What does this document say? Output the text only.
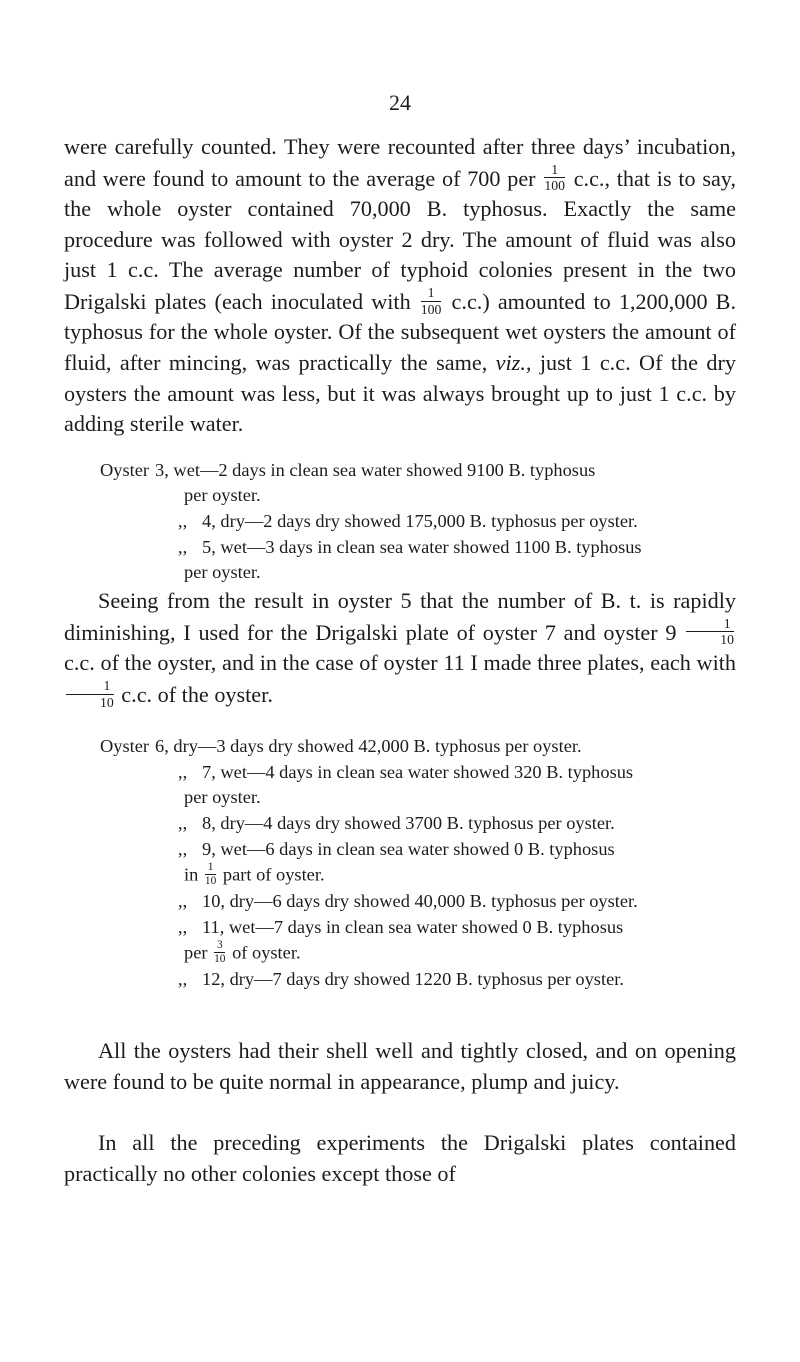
24

were carefully counted. They were recounted after three days’ incubation, and were found to amount to the average of 700 per $\frac{1}{100} c.c$., that is to say, the whole oyster contained 70,000 B. typhosus. Exactly the same procedure was followed with oyster 2 dry. The amount of fluid was also just 1 c.c. The average number of typhoid colonies present in the two Drigalski plates (each inoculated with $\frac{1}{100} c.c$.) amounted to 1,200,000 B. typhosus for the whole oyster. Of the subsequent wet oysters the amount of fluid, after mincing, was practically the same, viz., just 1 c.c. Of the dry oysters the amount was less, but it was always brought up to just 1 c.c. by adding sterile water.

Oyster 3, wet—2 days in clean sea water showed 9100 B. typhosus
per oyster.
,, 4, dry—2 days dry showed 175,000 B. typhosus per oyster.
,, 5, wet—3 days in clean sea water showed 1100 B. typhosus
per oyster.

Seeing from the result in oyster 5 that the number of B. t. is rapidly diminishing, I used for the Drigalski plate of oyster 7 and oyster $9 \frac{1}{10}$
c.c. of the oyster, and in the case of oyster 11 I made three plates, each with
$\frac{1}{10} c.c$. of the oyster.

Oyster 6, dry—3 days dry showed 42,000 B. typhosus per oyster.
,, 7, wet—4 days in clean sea water showed 320 B. typhosus
per oyster.
,, 8, dry—4 days dry showed 3700 B. typhosus per oyster.
,, 9, wet—6 days in clean sea water showed 0 B. typhosus
in $\frac{1}{10}$ part of oyster.
,, 10, dry—6 days dry showed 40,000 B. typhosus per oyster.
,, 11, wet—7 days in clean sea water showed 0 B. typhosus
per $\frac{3}{10}$ of oyster.
,, 12, dry—7 days dry showed 1220 B. typhosus per oyster.

All the oysters had their shell well and tightly closed, and on opening were found to be quite normal in appearance, plump and juicy.

In all the preceding experiments the Drigalski plates contained practically no other colonies except those of
